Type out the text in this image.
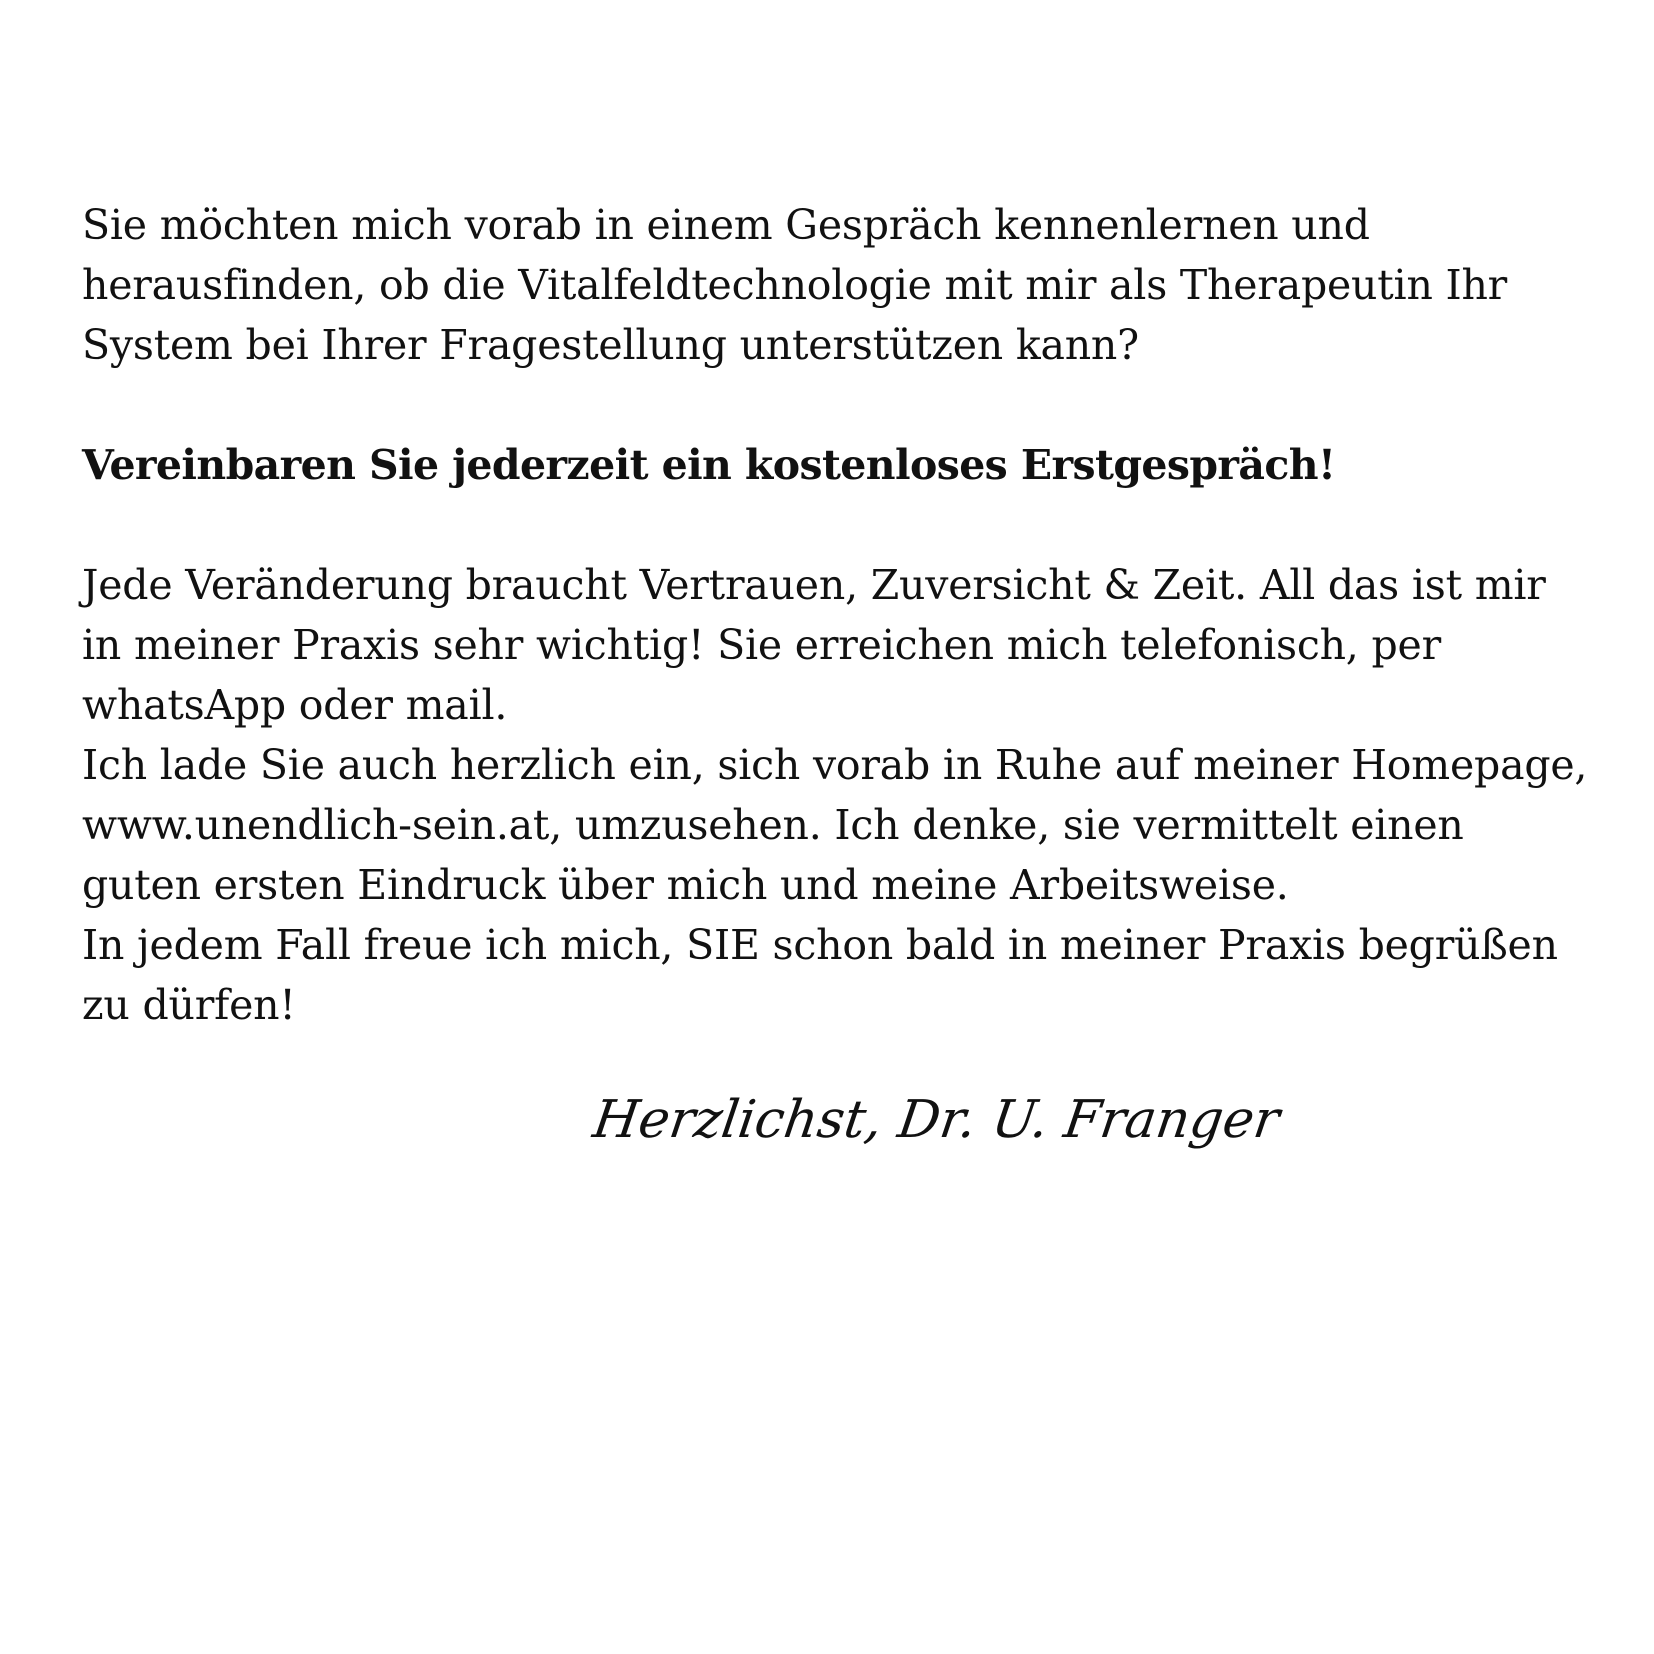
Sie möchten mich vorab in einem Gespräch kennenlernen und herausfinden, ob die Vitalfeldtechnologie mit mir als Therapeutin Ihr System bei Ihrer Fragestellung unterstützen kann?

Vereinbaren Sie jederzeit ein kostenloses Erstgespräch!

Jede Veränderung braucht Vertrauen, Zuversicht & Zeit. All das ist mir in meiner Praxis sehr wichtig! Sie erreichen mich telefonisch, per whatsApp oder mail.

Ich lade Sie auch herzlich ein, sich vorab in Ruhe auf meiner Homepage, www.unendlich-sein.at, umzusehen. Ich denke, sie vermittelt einen guten ersten Eindruck über mich und meine Arbeitsweise.

In jedem Fall freue ich mich, SIE schon bald in meiner Praxis begrüßen zu dürfen!

Herzlichst, Dr. U. Franger
